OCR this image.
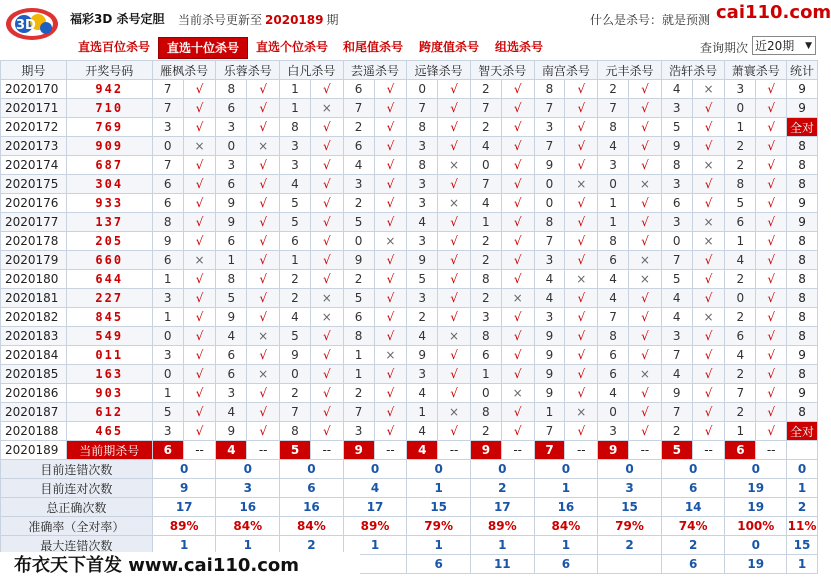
3D	福彩3D 杀号定胆 当前杀号更新至 2020189 期	什么是杀号：就是预测 cai110.com
直选百位杀号	直选十位杀号	直选个位杀号 和尾值杀号 跨度值杀号 组选杀号	查询期次 近20期 ▼
期号	开奖号码	雁枫杀号		乐蓉杀号		白凡杀号		芸遥杀号		远锋杀号		智天杀号		南宫杀号		元丰杀号		浩轩杀号		萧寰杀号		统计
2020170	942	7	√	8	√	1	√	6	√	0	√	2	√	8	√	2	√	4	×	3	√	9
2020171	710	7	√	6	√	1	×	7	√	7	√	7	√	7	√	7	√	3	√	0	√	9
2020172	769	3	√	3	√	8	√	2	√	8	√	2	√	3	√	8	√	5	√	1	√	全对
2020173	909	0	×	0	×	3	√	6	√	3	√	4	√	7	√	4	√	9	√	2	√	8
2020174	687	7	√	3	√	3	√	4	√	8	×	0	√	9	√	3	√	8	×	2	√	8
2020175	304	6	√	6	√	4	√	3	√	3	√	7	√	0	×	0	×	3	√	8	√	8
2020176	933	6	√	9	√	5	√	2	√	3	×	4	√	0	√	1	√	6	√	5	√	9
2020177	137	8	√	9	√	5	√	5	√	4	√	1	√	8	√	1	√	3	×	6	√	9
2020178	205	9	√	6	√	6	√	0	×	3	√	2	√	7	√	8	√	0	×	1	√	8
2020179	660	6	×	1	√	1	√	9	√	9	√	2	√	3	√	6	×	7	√	4	√	8
2020180	644	1	√	8	√	2	√	2	√	5	√	8	√	4	×	4	×	5	√	2	√	8
2020181	227	3	√	5	√	2	×	5	√	3	√	2	×	4	√	4	√	4	√	0	√	8
2020182	845	1	√	9	√	4	×	6	√	2	√	3	√	3	√	7	√	4	×	2	√	8
2020183	549	0	√	4	×	5	√	8	√	4	×	8	√	9	√	8	√	3	√	6	√	8
2020184	011	3	√	6	√	9	√	1	×	9	√	6	√	9	√	6	√	7	√	4	√	9
2020185	163	0	√	6	×	0	√	1	√	3	√	1	√	9	√	6	×	4	√	2	√	8
2020186	903	1	√	3	√	2	√	2	√	4	√	0	×	9	√	4	√	9	√	7	√	9
2020187	612	5	√	4	√	7	√	7	√	1	×	8	√	1	×	0	√	7	√	2	√	8
2020188	465	3	√	9	√	8	√	3	√	4	√	2	√	7	√	3	√	2	√	1	√	全对
2020189	当前期杀号	6	--	4	--	5	--	9	--	4	--	9	--	7	--	9	--	5	--	6	--	
目前连错次数		0		0		0		0		0		0		0		0		0		0		0
目前连对次数		9		3		6		4		1		2		1		3		6		19		1
总正确次数		17		16		16		17		15		17		16		15		14		19		2
准确率（全对率）		89%		84%		84%		89%		79%		89%		84%		79%		74%		100%		11%
最大连错次数		1		1		2		1		1		1		1		2		2		0		15
					6		11		6				6		19		1
布衣天下首发 www.cai110.com
